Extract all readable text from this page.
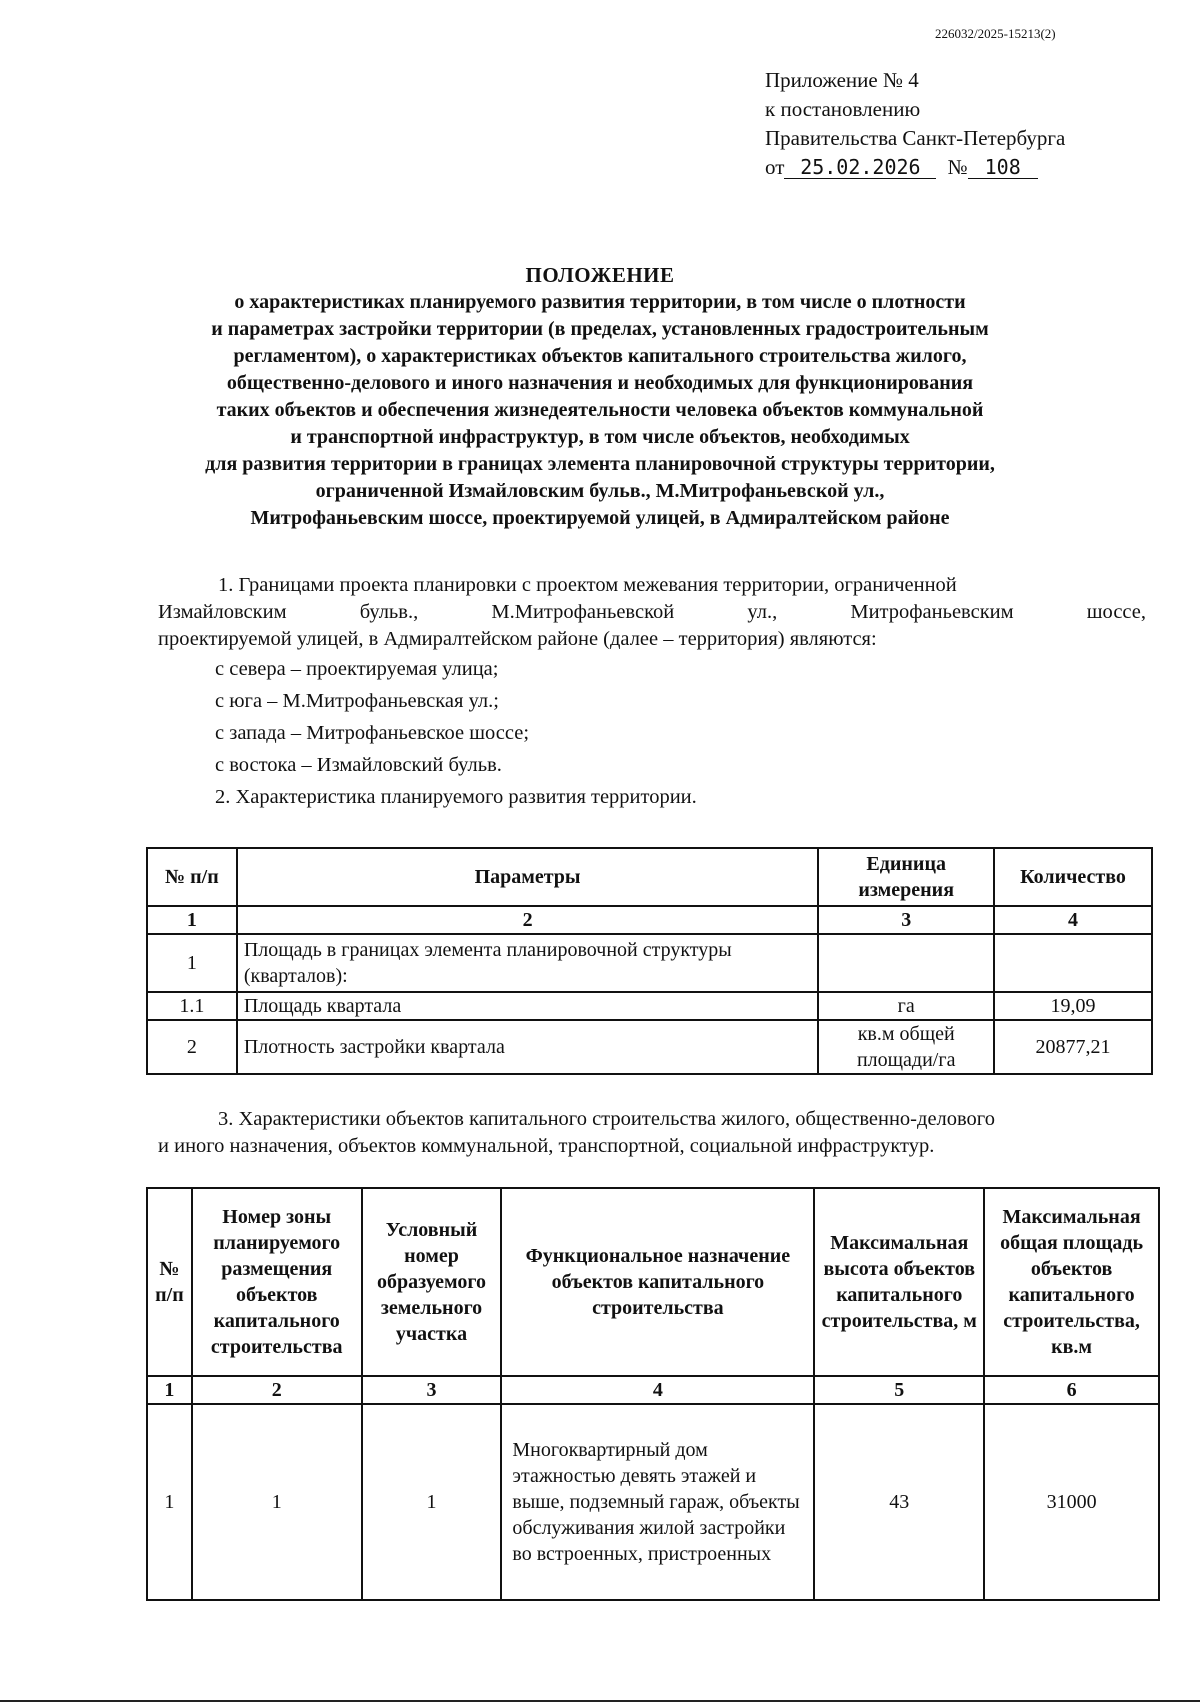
226032/2025-15213(2)
Приложение № 4
к постановлению
Правительства Санкт-Петербурга
от 25.02.2026 № 108
ПОЛОЖЕНИЕ
о характеристиках планируемого развития территории, в том числе о плотности
и параметрах застройки территории (в пределах, установленных градостроительным
регламентом), о характеристиках объектов капитального строительства жилого,
общественно-делового и иного назначения и необходимых для функционирования
таких объектов и обеспечения жизнедеятельности человека объектов коммунальной
и транспортной инфраструктур, в том числе объектов, необходимых
для развития территории в границах элемента планировочной структуры территории,
ограниченной Измайловским бульв., М.Митрофаньевской ул.,
Митрофаньевским шоссе, проектируемой улицей, в Адмиралтейском районе
1. Границами проекта планировки с проектом межевания территории, ограниченной
Измайловским бульв., М.Митрофаньевской ул., Митрофаньевским шоссе,
проектируемой улицей, в Адмиралтейском районе (далее – территория) являются:
с севера – проектируемая улица;
с юга – М.Митрофаньевская ул.;
с запада – Митрофаньевское шоссе;
с востока – Измайловский бульв.
2. Характеристика планируемого развития территории.
№ п/п	Параметры	Единица измерения	Количество
1	2	3	4
1	Площадь в границах элемента планировочной структуры (кварталов):		
1.1	Площадь квартала	га	19,09
2	Плотность застройки квартала	кв.м общей площади/га	20877,21
3. Характеристики объектов капитального строительства жилого, общественно-делового
и иного назначения, объектов коммунальной, транспортной, социальной инфраструктур.
№ п/п	Номер зоны планируемого размещения объектов капитального строительства	Условный номер образуемого земельного участка	Функциональное назначение объектов капитального строительства	Максимальная высота объектов капитального строительства, м	Максимальная общая площадь объектов капитального строительства, кв.м
1	2	3	4	5	6
1	1	1	Многоквартирный дом этажностью девять этажей и выше, подземный гараж, объекты обслуживания жилой застройки во встроенных, пристроенных	43	31000
